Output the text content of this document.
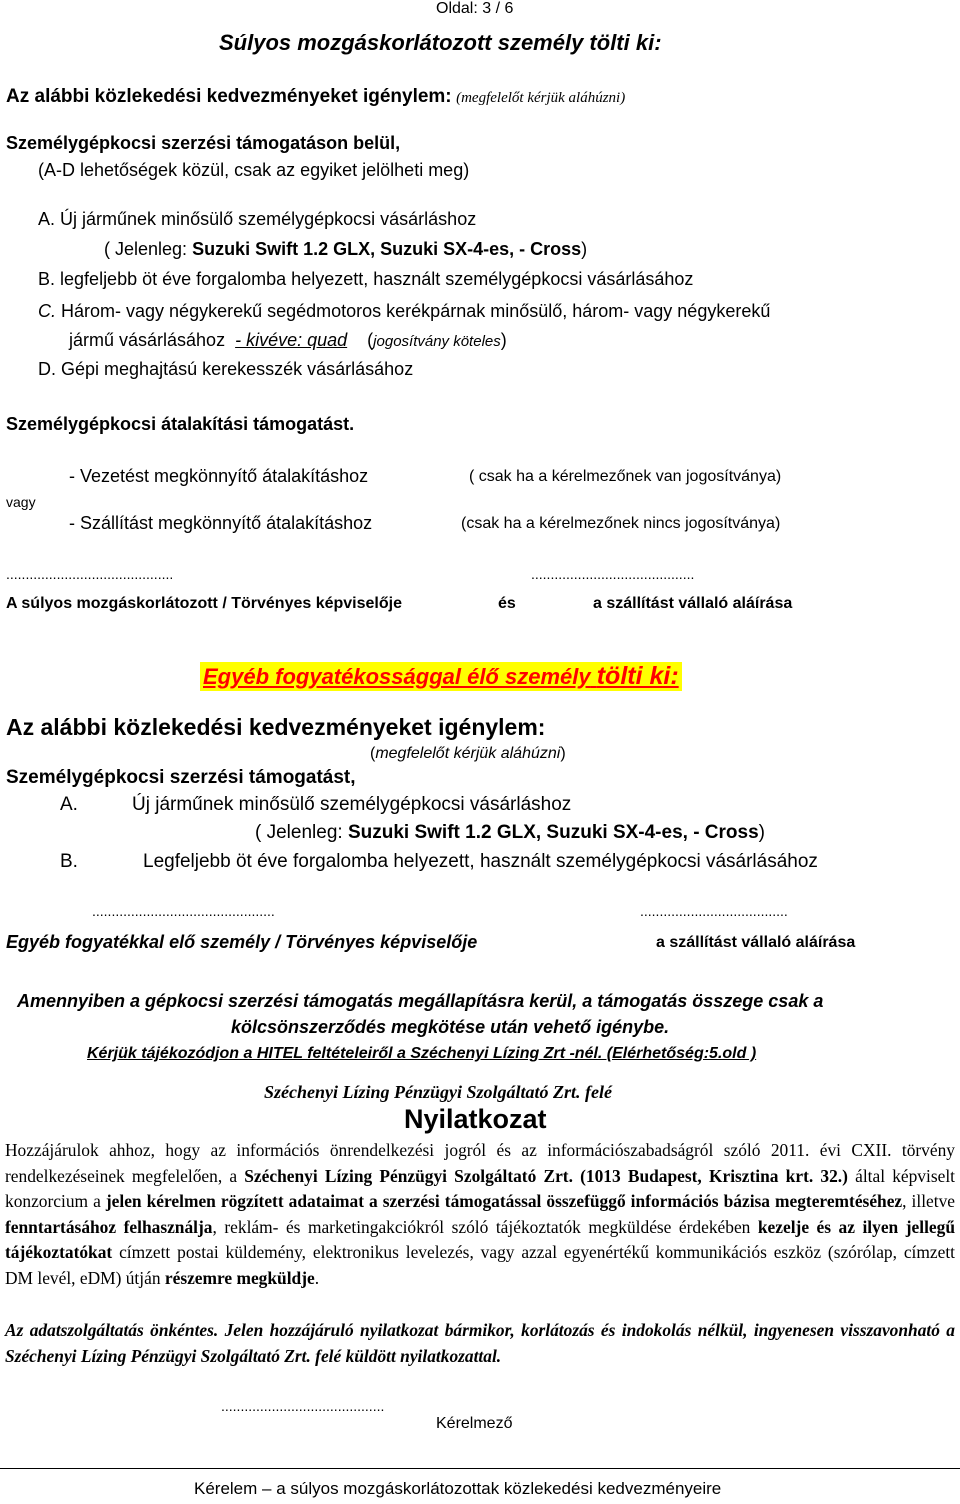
Oldal: 3 / 6
Súlyos mozgáskorlátozott személy tölti ki:
Az alábbi közlekedési kedvezményeket igénylem: (megfelelőt kérjük aláhúzni)
Személygépkocsi szerzési támogatáson belül,
(A-D lehetőségek közül, csak az egyiket jelölheti meg)
A. Új járműnek minősülő személygépkocsi vásárláshoz
( Jelenleg: Suzuki Swift 1.2 GLX, Suzuki SX-4-es, - Cross)
B. legfeljebb öt éve forgalomba helyezett, használt személygépkocsi vásárlásához
C. Három- vagy négykerekű segédmotoros kerékpárnak minősülő, három- vagy négykerekű
jármű vásárlásához - kivéve: quad (jogosítvány köteles)
D. Gépi meghajtású kerekesszék vásárlásához
Személygépkocsi átalakítási támogatást.
- Vezetést megkönnyítő átalakításhoz	( csak ha a kérelmezőnek van jogosítványa)
vagy
- Szállítást megkönnyítő átalakításhoz	(csak ha a kérelmezőnek nincs jogosítványa)
...........................................	..........................................
A súlyos mozgáskorlátozott / Törvényes képviselője	és	a szállítást vállaló aláírása
Egyéb fogyatékossággal élő személy tölti ki:
Az alábbi közlekedési kedvezményeket igénylem:
(megfelelőt kérjük aláhúzni)
Személygépkocsi szerzési támogatást,
A.	Új járműnek minősülő személygépkocsi vásárláshoz
( Jelenleg: Suzuki Swift 1.2 GLX, Suzuki SX-4-es, - Cross)
B.	Legfeljebb öt éve forgalomba helyezett, használt személygépkocsi vásárlásához
...............................................	......................................
Egyéb fogyatékkal elő személy / Törvényes képviselője	a szállítást vállaló aláírása
Amennyiben a gépkocsi szerzési támogatás megállapításra kerül, a támogatás összege csak a
kölcsönszerződés megkötése után vehető igénybe.
Kérjük tájékozódjon a HITEL feltételeiről a Széchenyi Lízing Zrt -nél. (Elérhetőség:5.old )
Széchenyi Lízing Pénzügyi Szolgáltató Zrt. felé
Nyilatkozat

Hozzájárulok ahhoz, hogy az információs önrendelkezési jogról és az információszabadságról szóló 2011. évi CXII. törvény rendelkezéseinek megfelelően, a Széchenyi Lízing Pénzügyi Szolgáltató Zrt. (1013 Budapest, Krisztina krt. 32.) által képviselt konzorcium a jelen kérelmen rögzített adataimat a szerzési támogatással összefüggő információs bázisa megteremtéséhez, illetve fenntartásához felhasználja, reklám- és marketingakciókról szóló tájékoztatók megküldése érdekében kezelje és az ilyen jellegű tájékoztatókat címzett postai küldemény, elektronikus levelezés, vagy azzal egyenértékű kommunikációs eszköz (szórólap, címzett DM levél, eDM) útján részemre megküldje.

Az adatszolgáltatás önkéntes. Jelen hozzájáruló nyilatkozat bármikor, korlátozás és indokolás nélkül, ingyenesen visszavonható a Széchenyi Lízing Pénzügyi Szolgáltató Zrt. felé küldött nyilatkozattal.

..........................................
Kérelmező
Kérelem – a súlyos mozgáskorlátozottak közlekedési kedvezményeire
